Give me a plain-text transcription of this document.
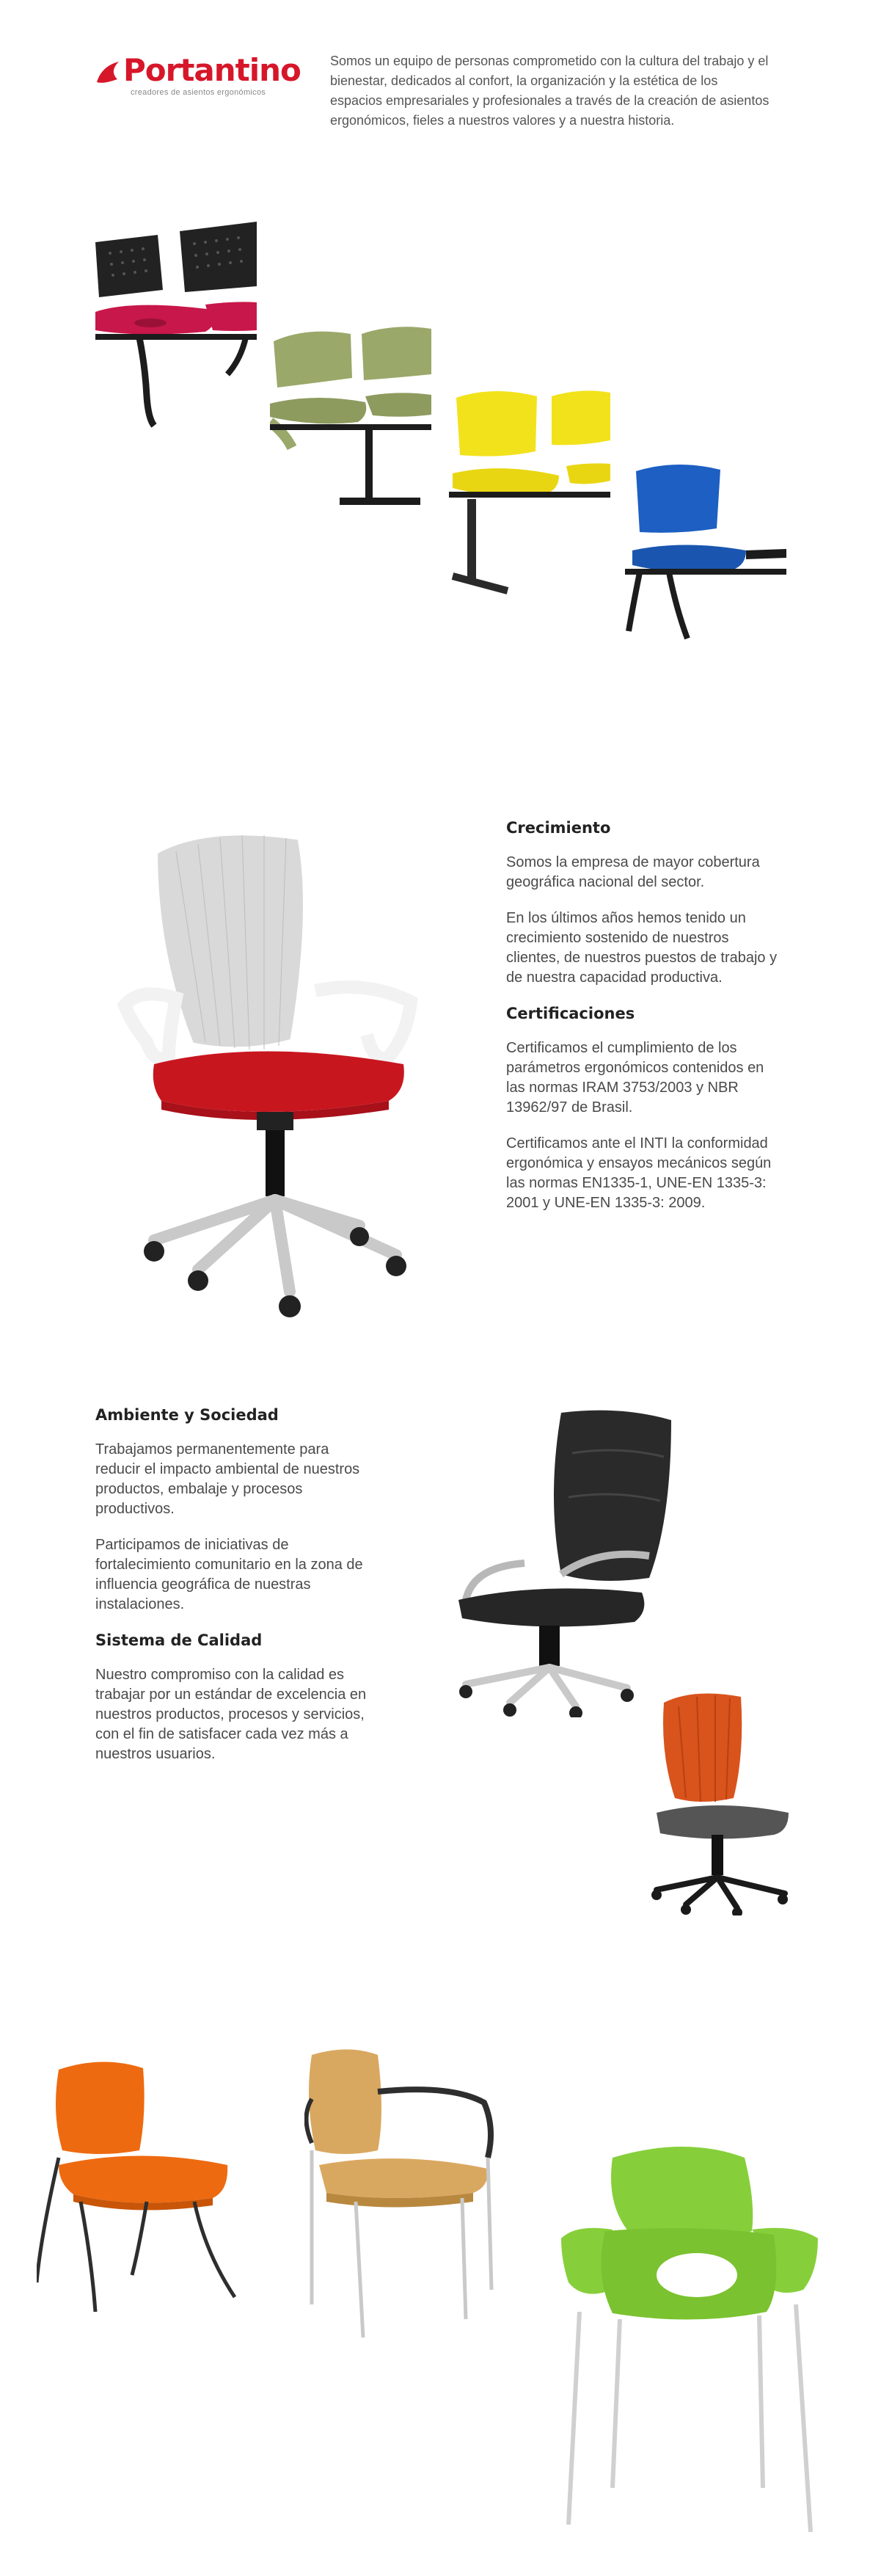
Portantino
creadores de asientos ergonómicos
Somos un equipo de personas comprometido con la cultura del trabajo y el bienestar, dedicados al confort, la organización y la estética de los espacios empresariales y profesionales a través de la creación de asientos ergonómicos, fieles a nuestros valores y a nuestra historia.
Crecimiento

Somos la empresa de mayor cobertura geográfica nacional del sector.

En los últimos años hemos tenido un crecimiento sostenido de nuestros clientes, de nuestros puestos de trabajo y de nuestra capacidad productiva.

Certificaciones

Certificamos el cumplimiento de los parámetros ergonómicos contenidos en las normas IRAM 3753/2003 y NBR 13962/97 de Brasil.

Certificamos ante el INTI la conformidad ergonómica y ensayos mecánicos según las normas EN1335-1, UNE-EN 1335-3: 2001 y UNE-EN 1335-3: 2009.

Ambiente y Sociedad

Trabajamos permanentemente para reducir el impacto ambiental de nuestros productos, embalaje y procesos productivos.

Participamos de iniciativas de fortalecimiento comunitario en la zona de influencia geográfica de nuestras instalaciones.

Sistema de Calidad

Nuestro compromiso con la calidad es trabajar por un estándar de excelencia en nuestros productos, procesos y servicios, con el fin de satisfacer cada vez más a nuestros usuarios.
